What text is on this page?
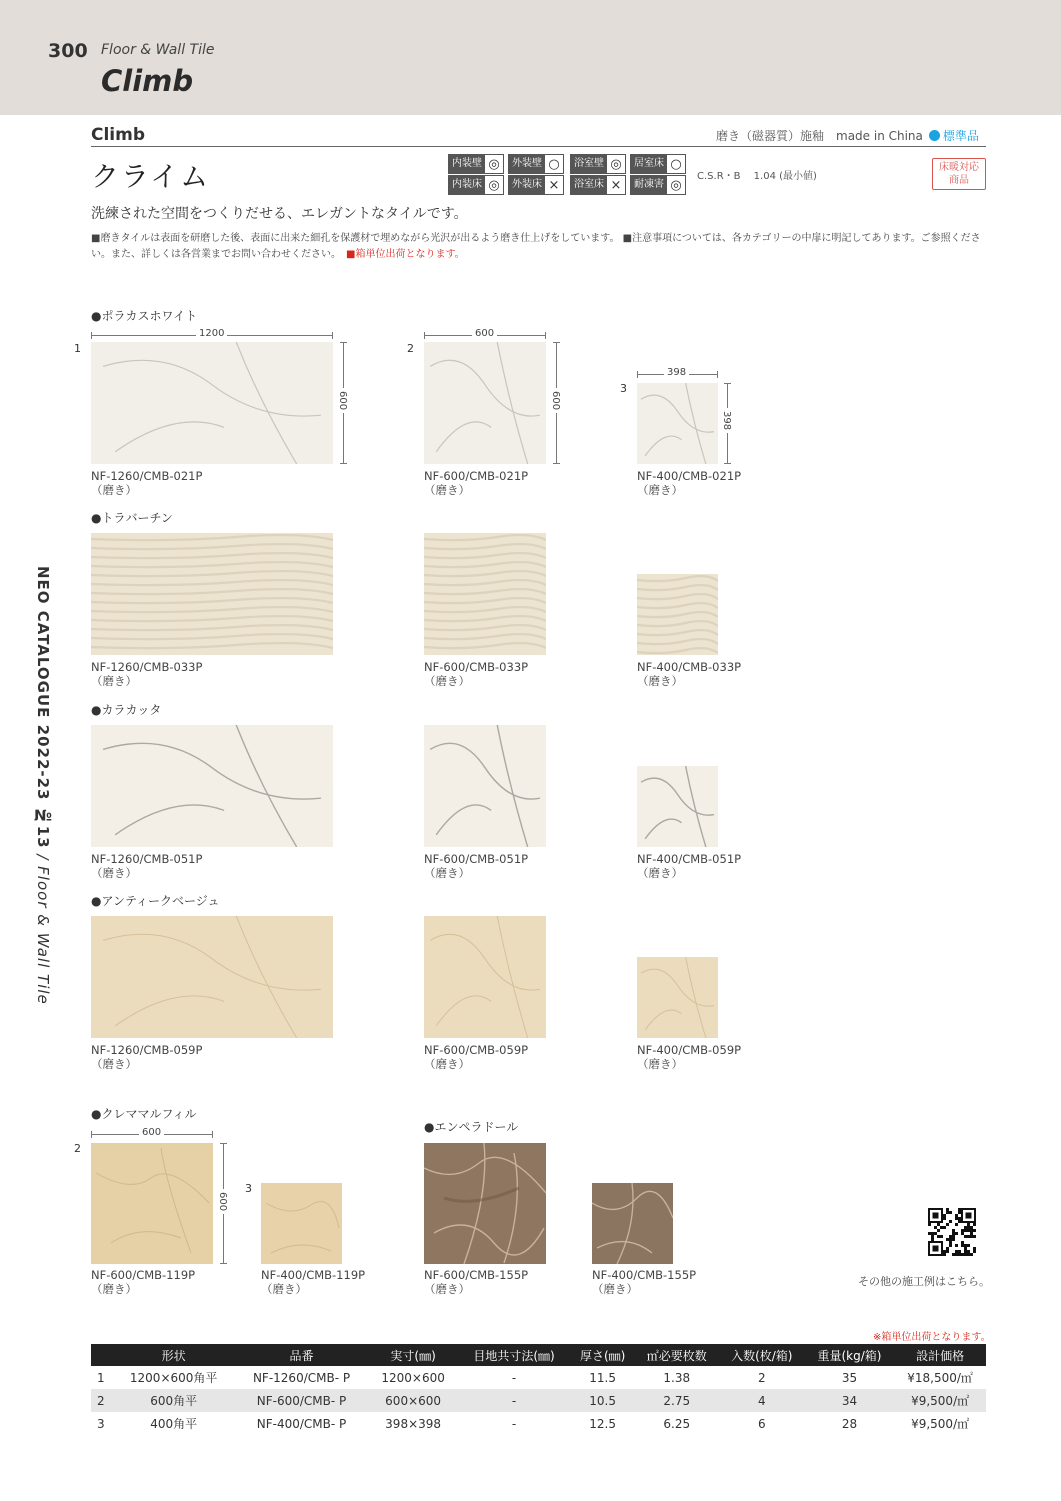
300 Floor & Wall Tile
Climb
NEO CATALOGUE 2022-23 №13 / Floor & Wall Tile
Climb	磨き（磁器質）施釉　made in China 標準品
クライム	内装壁 ◎	外装壁 ○	浴室壁 ◎	居室床 ○
内装床 ◎	外装床 ×	浴室床 ×	耐凍害 ◎
C.S.R・B　 1.04 (最小値)
床暖対応
商品
洗練された空間をつくりだせる、エレガントなタイルです。
■磨きタイルは表面を研磨した後、表面に出来た細孔を保護材で埋めながら光沢が出るよう磨き仕上げをしています。 ■注意事項については、各カテゴリーの中扉に明記してあります。ご参照ください。また、詳しくは各営業までお問い合わせください。　 ■箱単位出荷となります。
1	2
3
1200
600
600
600
398
398
●ポラカスホワイト
NF-1260/CMB-021P
（磨き）
NF-600/CMB-021P
（磨き）
NF-400/CMB-021P
（磨き）
●トラバーチン
NF-1260/CMB-033P
（磨き）
NF-600/CMB-033P
（磨き）
NF-400/CMB-033P
（磨き）
●カラカッタ
NF-1260/CMB-051P
（磨き）
NF-600/CMB-051P
（磨き）
NF-400/CMB-051P
（磨き）
●アンティークベージュ
NF-1260/CMB-059P
（磨き）
NF-600/CMB-059P
（磨き）
NF-400/CMB-059P
（磨き）
●クレママルフィル
●エンペラドール
2
3
600
600
NF-600/CMB-119P
（磨き）
NF-400/CMB-119P
（磨き）
NF-600/CMB-155P
（磨き）
NF-400/CMB-155P
（磨き）
その他の施工例はこちら。
※箱単位出荷となります。
	形状	品番	実寸(㎜)	目地共寸法(㎜)	厚さ(㎜)	㎡必要枚数	入数(枚/箱)	重量(kg/箱)	設計価格
1	1200×600角平	NF-1260/CMB- P	1200×600	-	11.5	1.38	2	35	¥18,500/㎡
2	600角平	NF-600/CMB- P	600×600	-	10.5	2.75	4	34	¥9,500/㎡
3	400角平	NF-400/CMB- P	398×398	-	12.5	6.25	6	28	¥9,500/㎡
